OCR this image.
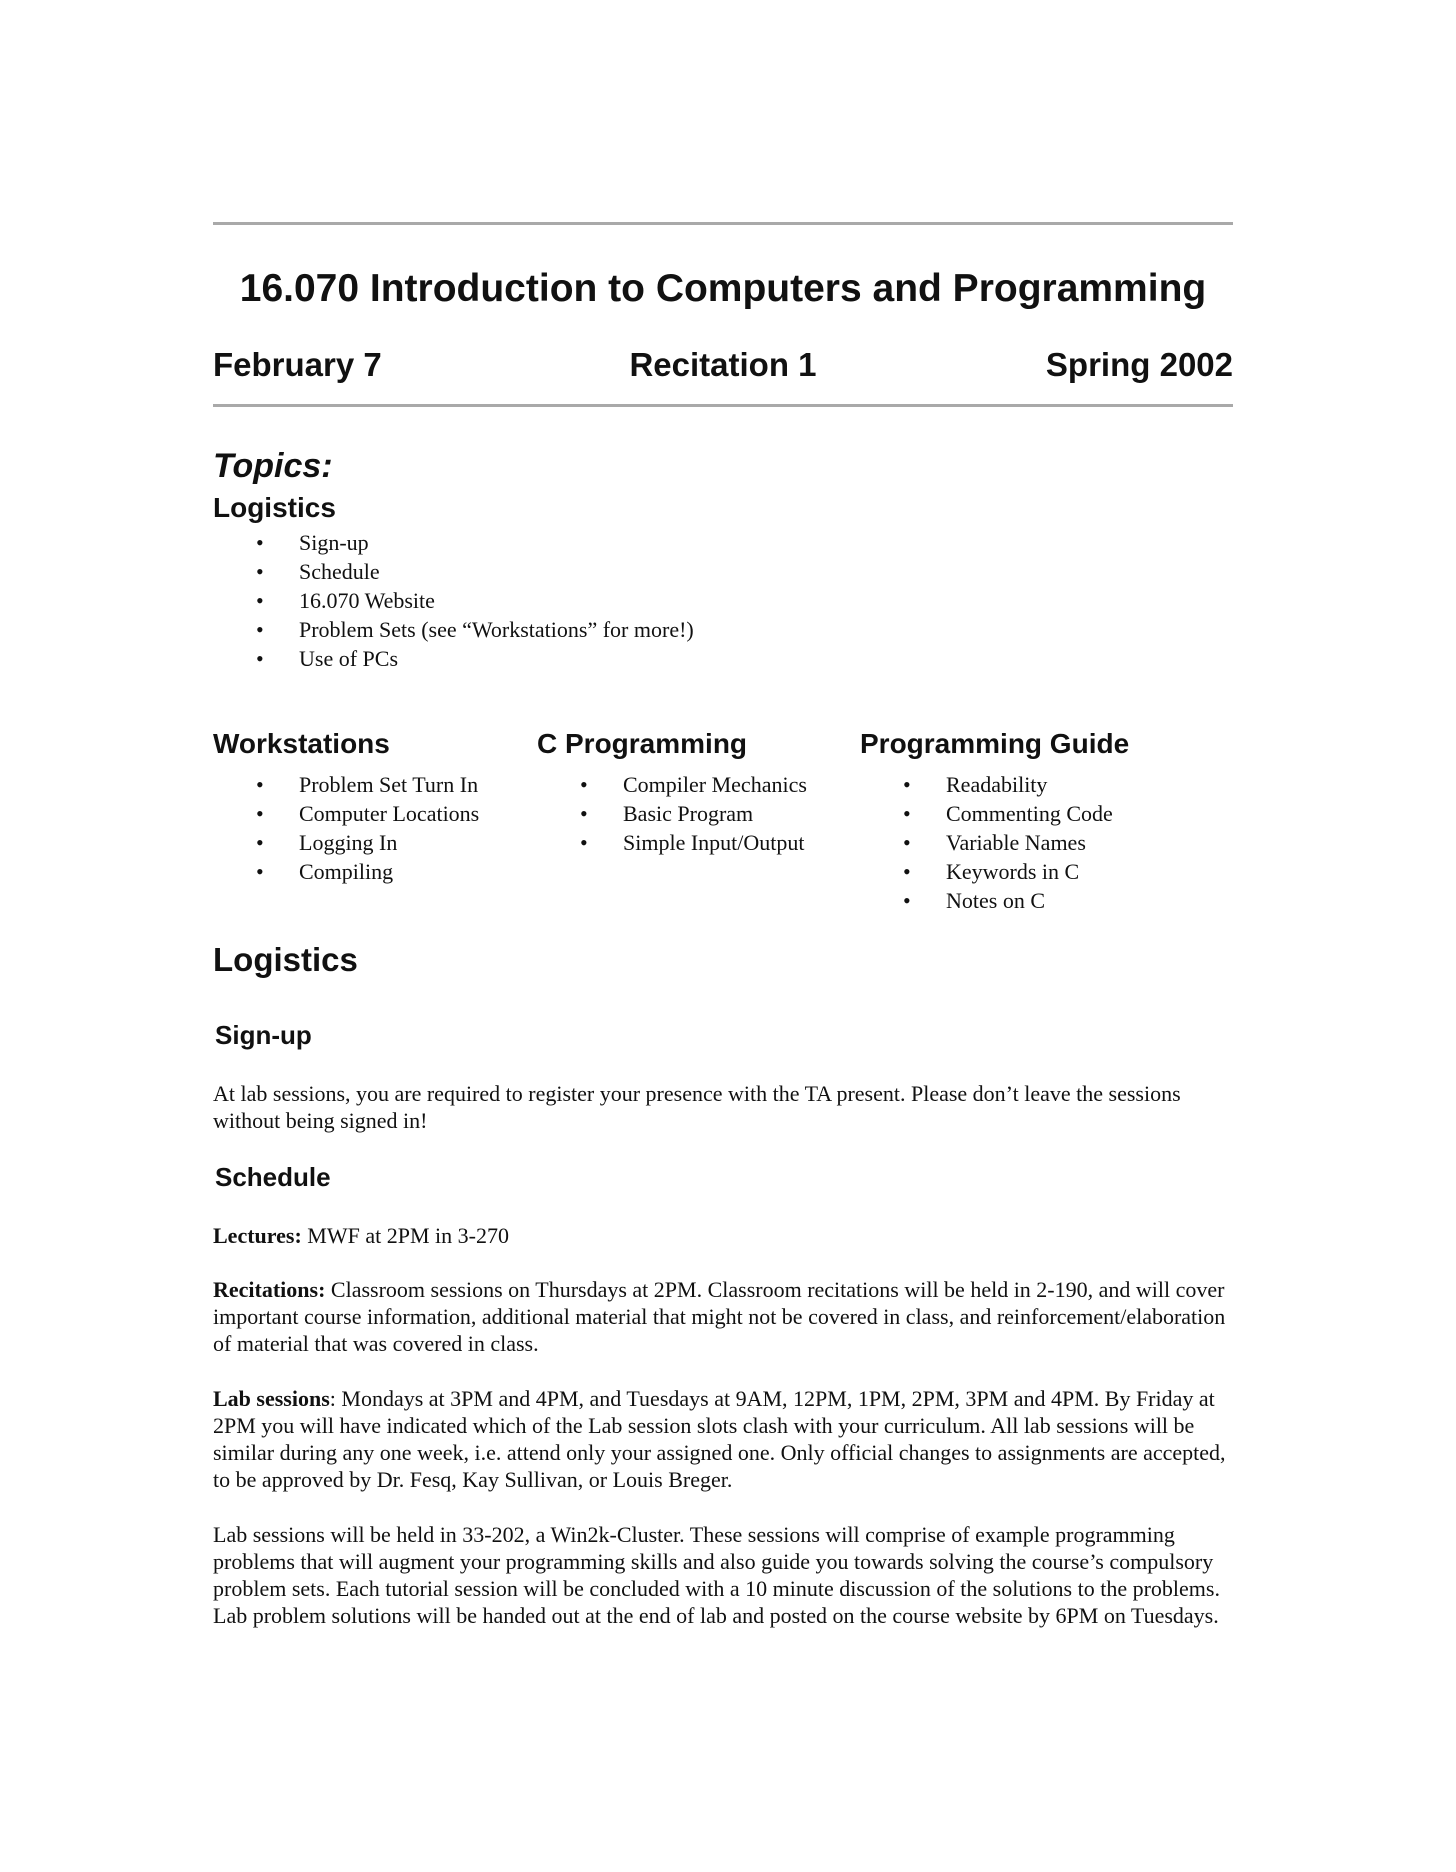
16.070 Introduction to Computers and Programming
February 7	Recitation 1	Spring 2002
Topics:
Logistics
• Sign-up
• Schedule
• 16.070 Website
• Problem Sets (see “Workstations” for more!)
• Use of PCs
Workstations
• Problem Set Turn In
• Computer Locations
• Logging In
• Compiling
C Programming
• Compiler Mechanics
• Basic Program
• Simple Input/Output
Programming Guide
• Readability
• Commenting Code
• Variable Names
• Keywords in C
• Notes on C
Logistics
Sign-up

At lab sessions, you are required to register your presence with the TA present. Please don’t leave the sessions without being signed in!

Schedule

Lectures: MWF at 2PM in 3-270

Recitations: Classroom sessions on Thursdays at 2PM. Classroom recitations will be held in 2-190, and will cover important course information, additional material that might not be covered in class, and reinforcement/elaboration of material that was covered in class.

Lab sessions: Mondays at 3PM and 4PM, and Tuesdays at 9AM, 12PM, 1PM, 2PM, 3PM and 4PM. By Friday at 2PM you will have indicated which of the Lab session slots clash with your curriculum. All lab sessions will be similar during any one week, i.e. attend only your assigned one. Only official changes to assignments are accepted, to be approved by Dr. Fesq, Kay Sullivan, or Louis Breger.

Lab sessions will be held in 33-202, a Win2k-Cluster. These sessions will comprise of example programming problems that will augment your programming skills and also guide you towards solving the course’s compulsory problem sets. Each tutorial session will be concluded with a 10 minute discussion of the solutions to the problems. Lab problem solutions will be handed out at the end of lab and posted on the course website by 6PM on Tuesdays.
